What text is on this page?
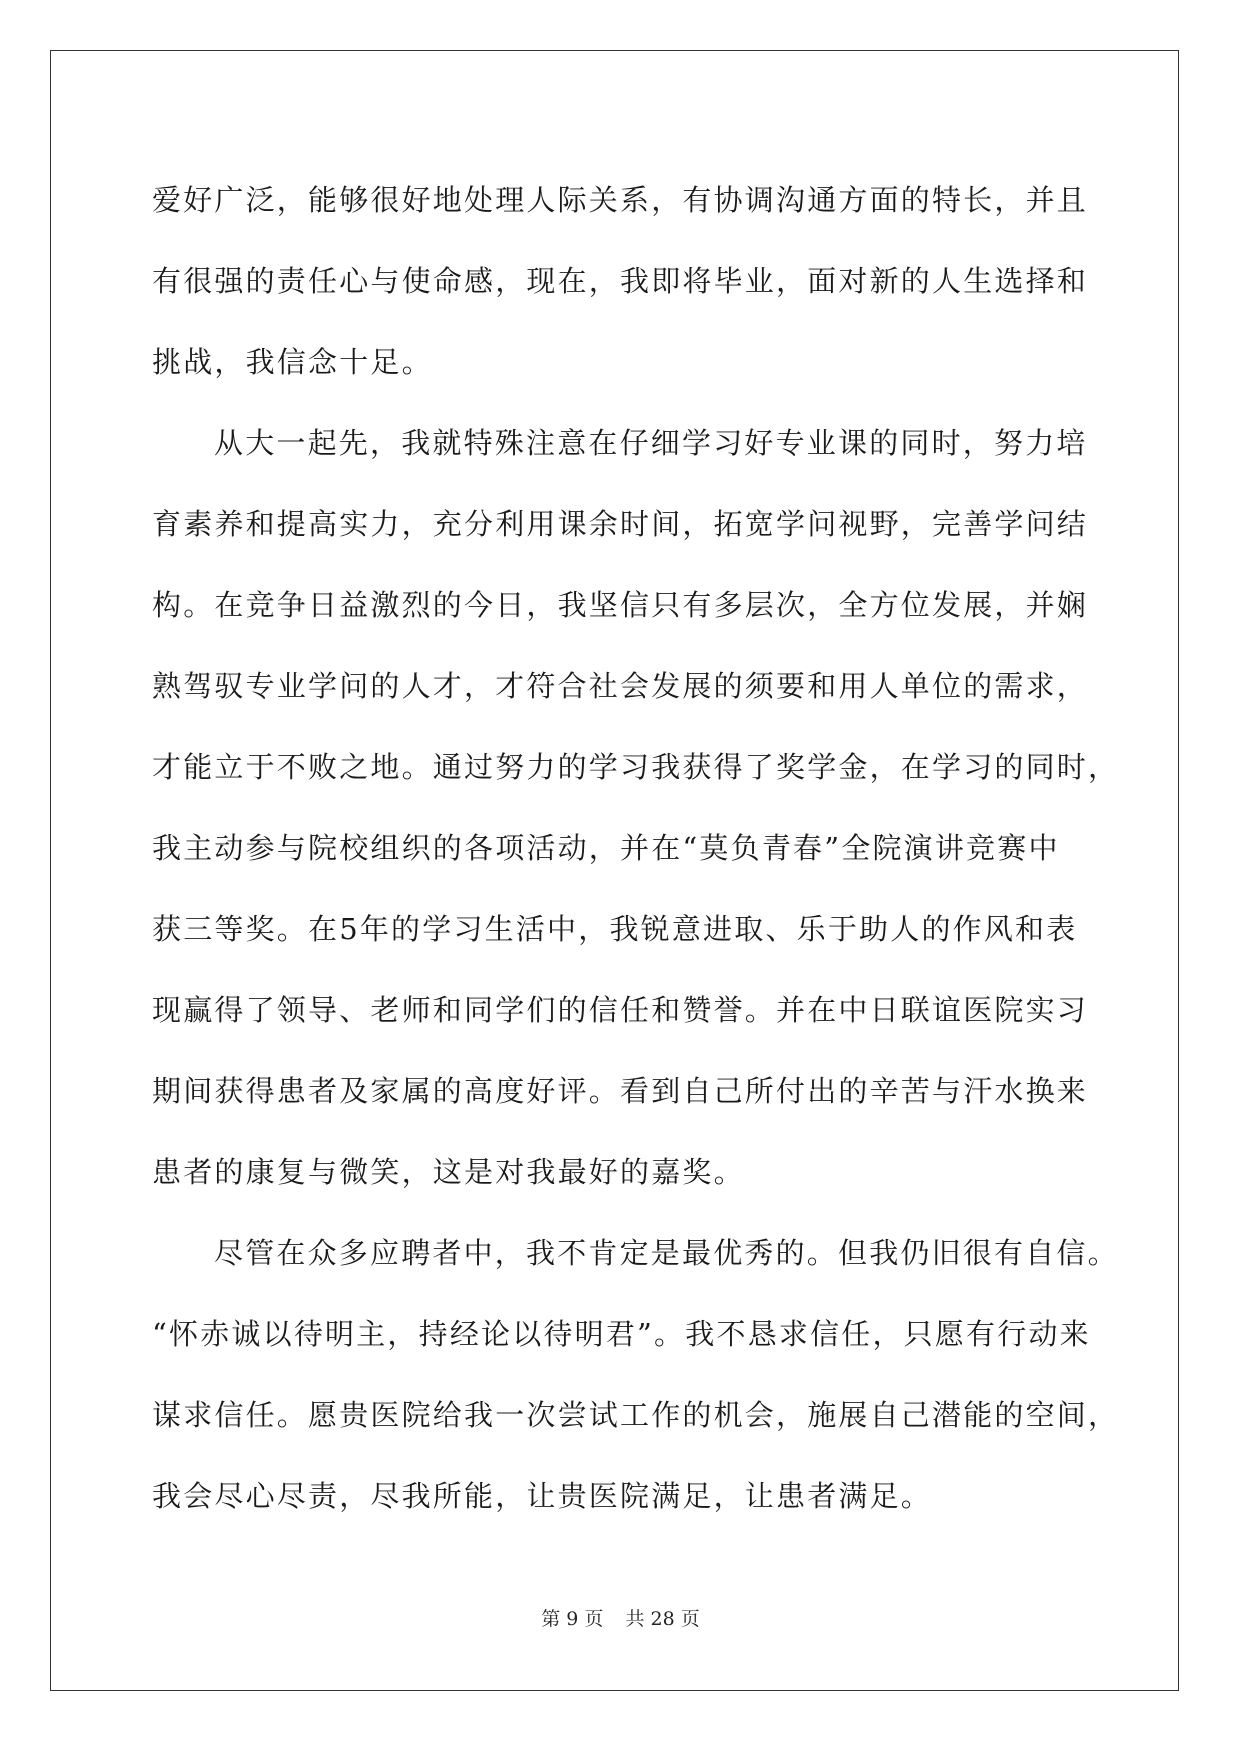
爱好广泛，能够很好地处理人际关系，有协调沟通方面的特长，并且
有很强的责任心与使命感，现在，我即将毕业，面对新的人生选择和
挑战，我信念十足。
从大一起先，我就特殊注意在仔细学习好专业课的同时，努力培
育素养和提高实力，充分利用课余时间，拓宽学问视野，完善学问结
构。在竞争日益激烈的今日，我坚信只有多层次，全方位发展，并娴
熟驾驭专业学问的人才，才符合社会发展的须要和用人单位的需求，
才能立于不败之地。通过努力的学习我获得了奖学金，在学习的同时，
我主动参与院校组织的各项活动，并在“莫负青春”全院演讲竞赛中
获三等奖。在5年的学习生活中，我锐意进取、乐于助人的作风和表
现赢得了领导、老师和同学们的信任和赞誉。并在中日联谊医院实习
期间获得患者及家属的高度好评。看到自己所付出的辛苦与汗水换来
患者的康复与微笑，这是对我最好的嘉奖。
尽管在众多应聘者中，我不肯定是最优秀的。但我仍旧很有自信。
“怀赤诚以待明主，持经论以待明君”。我不恳求信任，只愿有行动来
谋求信任。愿贵医院给我一次尝试工作的机会，施展自己潜能的空间，
我会尽心尽责，尽我所能，让贵医院满足，让患者满足。
第 9 页 共 28 页
